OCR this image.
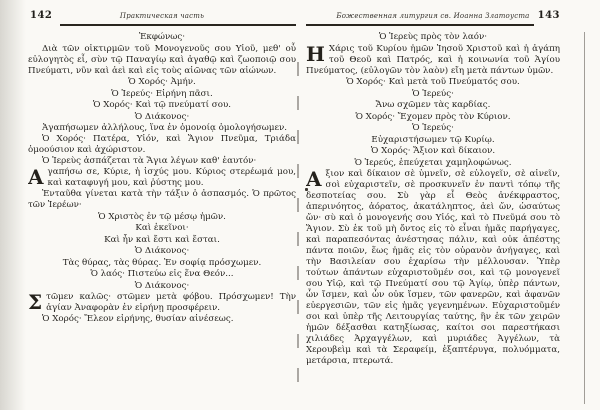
142	Практическая часть

Ἐκφώνως·

Διὰ τῶν οἰκτιρμῶν τοῦ Μονογενοῦς σου Υἱοῦ, μεθ' οὗ εὐλογητὸς εἶ, σὺν τῷ Παναγίῳ καὶ ἀγαθῷ καὶ ζωοποιῷ σου Πνεύματι, νῦν καὶ ἀεὶ καὶ εἰς τοὺς αἰῶνας τῶν αἰώνων.

Ὁ Χορός· Ἀμήν.

Ὁ Ἱερεύς· Εἰρήνη πᾶσι.

Ὁ Χορός· Καὶ τῷ πνεύματί σου.

Ὁ Διάκονος·

Ἀγαπήσωμεν ἀλλήλους, ἵνα ἐν ὁμονοίᾳ ὁμολογήσωμεν.

Ὁ Χορός· Πατέρα, Υἱόν, καὶ Ἅγιον Πνεῦμα, Τριάδα ὁμοούσιον καὶ ἀχώριστον.

Ὁ Ἱερεὺς ἀσπάζεται τὰ Ἅγια λέγων καθ' ἑαυτόν·

Αγαπήσω σε, Κύριε, ἡ ἰσχύς μου. Κύριος στερέωμά μου, καὶ καταφυγή μου, καὶ ῥύστης μου.

Ἐνταῦθα γίνεται κατὰ τὴν τάξιν ὁ ἀσπασμός. Ὁ πρῶτος τῶν Ἱερέων·

Ὁ Χριστὸς ἐν τῷ μέσῳ ἡμῶν.

Καὶ ἐκεῖνοι·

Καὶ ἦν καὶ ἔστι καὶ ἔσται.

Ὁ Διάκονος·

Τὰς θύρας, τὰς θύρας. Ἐν σοφίᾳ πρόσχωμεν.

Ὁ λαός· Πιστεύω εἰς ἕνα Θεόν...

Ὁ Διάκονος·

Στῶμεν καλῶς· στῶμεν μετὰ φόβου. Πρόσχωμεν! Τὴν ἁγίαν Ἀναφορὰν ἐν εἰρήνῃ προσφέρειν.

Ὁ Χορός· Ἔλεον εἰρήνης, θυσίαν αἰνέσεως.

Божественная литургия св. Иоанна Златоуста 143

Ὁ Ἱερεὺς πρὸς τὸν λαόν·

Η Χάρις τοῦ Κυρίου ἡμῶν Ἰησοῦ Χριστοῦ καὶ ἡ ἀγάπη τοῦ Θεοῦ καὶ Πατρός, καὶ ἡ κοινωνία τοῦ Ἁγίου Πνεύματος, (εὐλογῶν τὸν λαὸν) εἴη μετὰ πάντων ὑμῶν.

Ὁ Χορός· Καὶ μετὰ τοῦ Πνεύματός σου.

Ὁ Ἱερεύς·

Ἄνω σχῶμεν τὰς καρδίας.

Ὁ Χορός· Ἔχομεν πρὸς τὸν Κύριον.

Ὁ Ἱερεύς·

Εὐχαριστήσωμεν τῷ Κυρίῳ.

Ὁ Χορός· Ἄξιον καὶ δίκαιον.

Ὁ Ἱερεύς, ἐπεύχεται χαμηλοφώνως.

Αξιον καὶ δίκαιον σὲ ὑμνεῖν, σὲ εὐλογεῖν, σὲ αἰνεῖν, σοὶ εὐχαριστεῖν, σὲ προσκυνεῖν ἐν παντὶ τόπῳ τῆς δεσποτείας σου. Σὺ γὰρ εἶ Θεὸς ἀνέκφραστος, ἀπερινόητος, ἀόρατος, ἀκατάληπτος, ἀεὶ ὤν, ὡσαύτως ὤν· σὺ καὶ ὁ μονογενής σου Υἱός, καὶ τὸ Πνεῦμά σου τὸ Ἅγιον. Σὺ ἐκ τοῦ μὴ ὄντος εἰς τὸ εἶναι ἡμᾶς παρήγαγες, καὶ παραπεσόντας ἀνέστησας πάλιν, καὶ οὐκ ἀπέστης πάντα ποιῶν, ἕως ἡμᾶς εἰς τὸν οὐρανὸν ἀνήγαγες, καὶ τὴν Βασιλείαν σου ἐχαρίσω τὴν μέλλουσαν. Ὑπὲρ τούτων ἁπάντων εὐχαριστοῦμέν σοι, καὶ τῷ μονογενεῖ σου Υἱῷ, καὶ τῷ Πνεύματί σου τῷ Ἁγίῳ, ὑπὲρ πάντων, ὧν ἴσμεν, καὶ ὧν οὐκ ἴσμεν, τῶν φανερῶν, καὶ ἀφανῶν εὐεργεσιῶν, τῶν εἰς ἡμᾶς γεγενημένων. Εὐχαριστοῦμέν σοι καὶ ὑπὲρ τῆς Λειτουργίας ταύτης, ἣν ἐκ τῶν χειρῶν ἡμῶν δέξασθαι κατηξίωσας, καίτοι σοι παρεστήκασι χιλιάδες Ἀρχαγγέλων, καὶ μυριάδες Ἀγγέλων, τὰ Χερουβεὶμ καὶ τὰ Σεραφείμ, ἑξαπτέρυγα, πολυόμματα, μετάρσια, πτερωτά.
